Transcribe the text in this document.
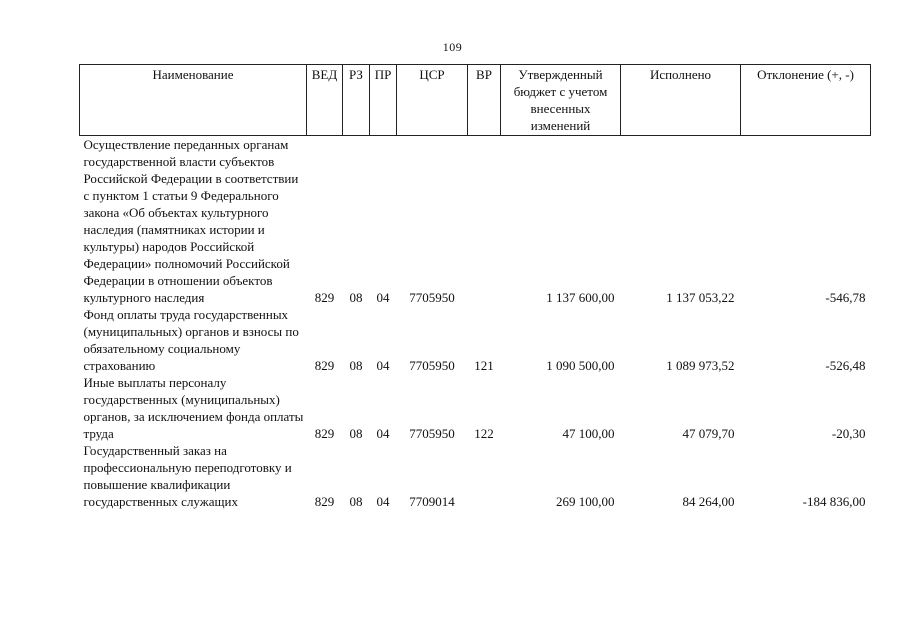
109
Наименование	ВЕД	РЗ	ПР	ЦСР	ВР	Утвержденный бюджет с учетом внесенных изменений	Исполнено	Отклонение (+, -)
Осуществление переданных органам государственной власти субъектов Российской Федерации в соответствии с пунктом 1 статьи 9 Федерального закона «Об объектах культурного наследия (памятниках истории и культуры) народов Российской Федерации» полномочий Российской Федерации в отношении объектов культурного наследия	829	08	04	7705950		1 137 600,00	1 137 053,22	-546,78
Фонд оплаты труда государственных (муниципальных) органов и взносы по обязательному социальному страхованию	829	08	04	7705950	121	1 090 500,00	1 089 973,52	-526,48
Иные выплаты персоналу государственных (муниципальных) органов, за исключением фонда оплаты труда	829	08	04	7705950	122	47 100,00	47 079,70	-20,30
Государственный заказ на профессиональную переподготовку и повышение квалификации государственных служащих	829	08	04	7709014		269 100,00	84 264,00	-184 836,00
